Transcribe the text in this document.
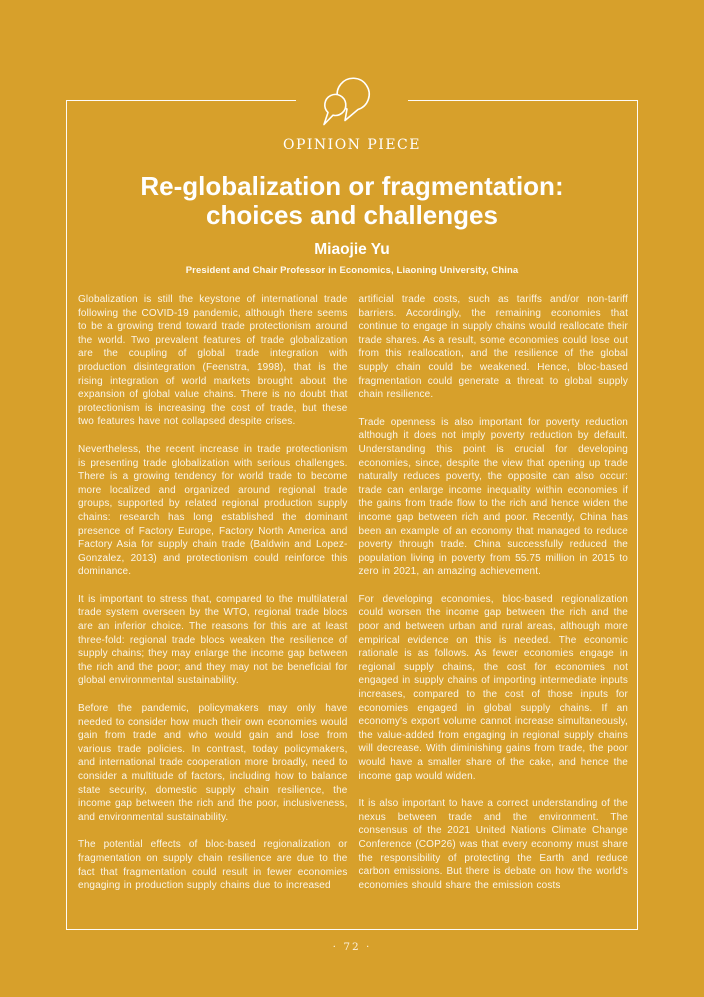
OPINION PIECE
Re-globalization or fragmentation:
choices and challenges
Miaojie Yu
President and Chair Professor in Economics, Liaoning University, China

Globalization is still the keystone of international trade following the COVID-19 pandemic, although there seems to be a growing trend toward trade protectionism around the world. Two prevalent features of trade globalization are the coupling of global trade integration with production disintegration (Feenstra, 1998), that is the rising integration of world markets brought about the expansion of global value chains. There is no doubt that protectionism is increasing the cost of trade, but these two features have not collapsed despite crises.

Nevertheless, the recent increase in trade protectionism is presenting trade globalization with serious challenges. There is a growing tendency for world trade to become more localized and organized around regional trade groups, supported by related regional production supply chains: research has long established the dominant presence of Factory Europe, Factory North America and Factory Asia for supply chain trade (Baldwin and Lopez-Gonzalez, 2013) and protectionism could reinforce this dominance.

It is important to stress that, compared to the multilateral trade system overseen by the WTO, regional trade blocs are an inferior choice. The reasons for this are at least three-fold: regional trade blocs weaken the resilience of supply chains; they may enlarge the income gap between the rich and the poor; and they may not be beneficial for global environmental sustainability.

Before the pandemic, policymakers may only have needed to consider how much their own economies would gain from trade and who would gain and lose from various trade policies. In contrast, today policymakers, and international trade cooperation more broadly, need to consider a multitude of factors, including how to balance state security, domestic supply chain resilience, the income gap between the rich and the poor, inclusiveness, and environmental sustainability.

The potential effects of bloc-based regionalization or fragmentation on supply chain resilience are due to the fact that fragmentation could result in fewer economies engaging in production supply chains due to increased

artificial trade costs, such as tariffs and/or non-tariff barriers. Accordingly, the remaining economies that continue to engage in supply chains would reallocate their trade shares. As a result, some economies could lose out from this reallocation, and the resilience of the global supply chain could be weakened. Hence, bloc-based fragmentation could generate a threat to global supply chain resilience.

Trade openness is also important for poverty reduction although it does not imply poverty reduction by default. Understanding this point is crucial for developing economies, since, despite the view that opening up trade naturally reduces poverty, the opposite can also occur: trade can enlarge income inequality within economies if the gains from trade flow to the rich and hence widen the income gap between rich and poor. Recently, China has been an example of an economy that managed to reduce poverty through trade. China successfully reduced the population living in poverty from 55.75 million in 2015 to zero in 2021, an amazing achievement.

For developing economies, bloc-based regionalization could worsen the income gap between the rich and the poor and between urban and rural areas, although more empirical evidence on this is needed. The economic rationale is as follows. As fewer economies engage in regional supply chains, the cost for economies not engaged in supply chains of importing intermediate inputs increases, compared to the cost of those inputs for economies engaged in global supply chains. If an economy's export volume cannot increase simultaneously, the value-added from engaging in regional supply chains will decrease. With diminishing gains from trade, the poor would have a smaller share of the cake, and hence the income gap would widen.

It is also important to have a correct understanding of the nexus between trade and the environment. The consensus of the 2021 United Nations Climate Change Conference (COP26) was that every economy must share the responsibility of protecting the Earth and reduce carbon emissions. But there is debate on how the world's economies should share the emission costs

· 72 ·
